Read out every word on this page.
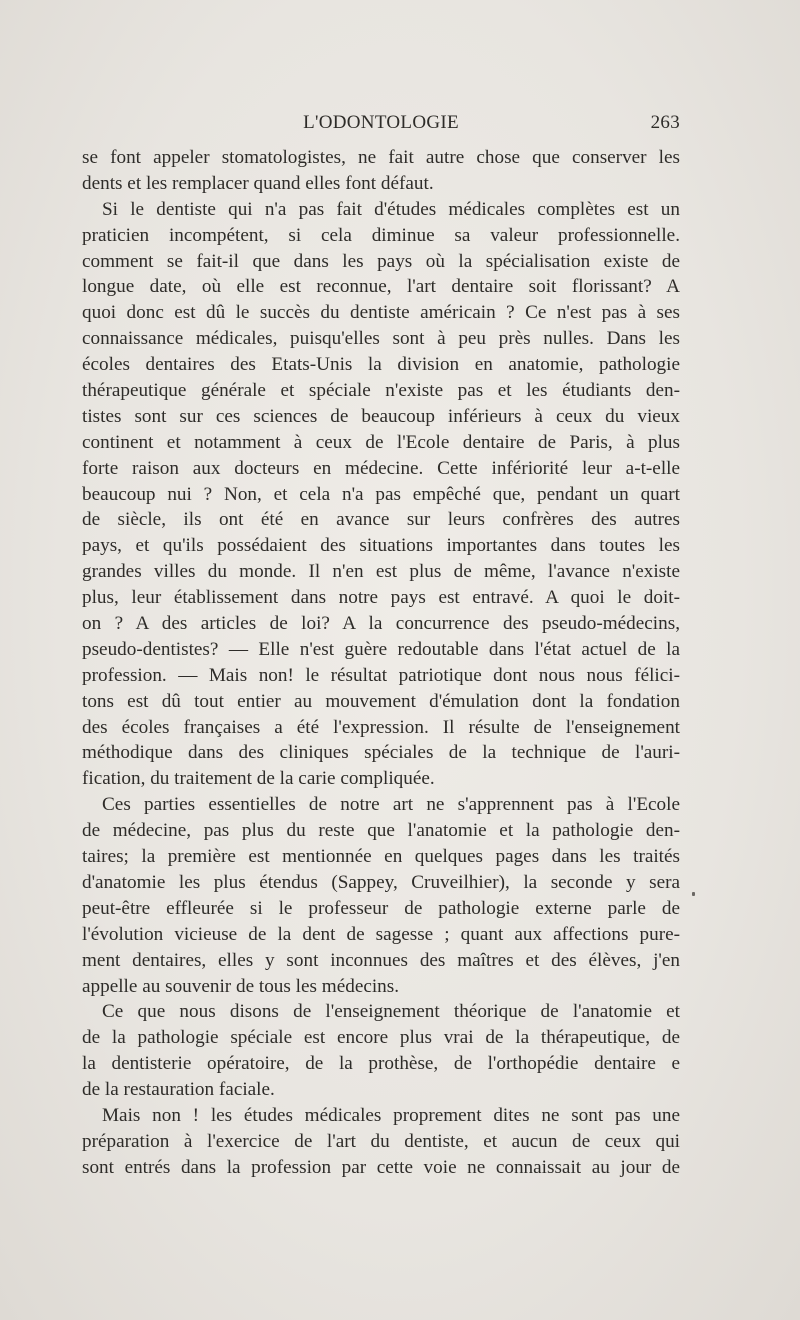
L'ODONTOLOGIE	263
se font appeler stomatologistes, ne fait autre chose que conserver les
dents et les remplacer quand elles font défaut.
Si le dentiste qui n'a pas fait d'études médicales complètes est un
praticien incompétent, si cela diminue sa valeur professionnelle.
comment se fait-il que dans les pays où la spécialisation existe de
longue date, où elle est reconnue, l'art dentaire soit florissant? A
quoi donc est dû le succès du dentiste américain ? Ce n'est pas à ses
connaissance médicales, puisqu'elles sont à peu près nulles. Dans les
écoles dentaires des Etats-Unis la division en anatomie, pathologie
thérapeutique générale et spéciale n'existe pas et les étudiants den-
tistes sont sur ces sciences de beaucoup inférieurs à ceux du vieux
continent et notamment à ceux de l'Ecole dentaire de Paris, à plus
forte raison aux docteurs en médecine. Cette infériorité leur a-t-elle
beaucoup nui ? Non, et cela n'a pas empêché que, pendant un quart
de siècle, ils ont été en avance sur leurs confrères des autres
pays, et qu'ils possédaient des situations importantes dans toutes les
grandes villes du monde. Il n'en est plus de même, l'avance n'existe
plus, leur établissement dans notre pays est entravé. A quoi le doit-
on ? A des articles de loi? A la concurrence des pseudo-médecins,
pseudo-dentistes? — Elle n'est guère redoutable dans l'état actuel de la
profession. — Mais non! le résultat patriotique dont nous nous félici-
tons est dû tout entier au mouvement d'émulation dont la fondation
des écoles françaises a été l'expression. Il résulte de l'enseignement
méthodique dans des cliniques spéciales de la technique de l'auri-
fication, du traitement de la carie compliquée.
Ces parties essentielles de notre art ne s'apprennent pas à l'Ecole
de médecine, pas plus du reste que l'anatomie et la pathologie den-
taires; la première est mentionnée en quelques pages dans les traités
d'anatomie les plus étendus (Sappey, Cruveilhier), la seconde y sera
peut-être effleurée si le professeur de pathologie externe parle de
l'évolution vicieuse de la dent de sagesse ; quant aux affections pure-
ment dentaires, elles y sont inconnues des maîtres et des élèves, j'en
appelle au souvenir de tous les médecins.
Ce que nous disons de l'enseignement théorique de l'anatomie et
de la pathologie spéciale est encore plus vrai de la thérapeutique, de
la dentisterie opératoire, de la prothèse, de l'orthopédie dentaire e
de la restauration faciale.
Mais non ! les études médicales proprement dites ne sont pas une
préparation à l'exercice de l'art du dentiste, et aucun de ceux qui
sont entrés dans la profession par cette voie ne connaissait au jour de
